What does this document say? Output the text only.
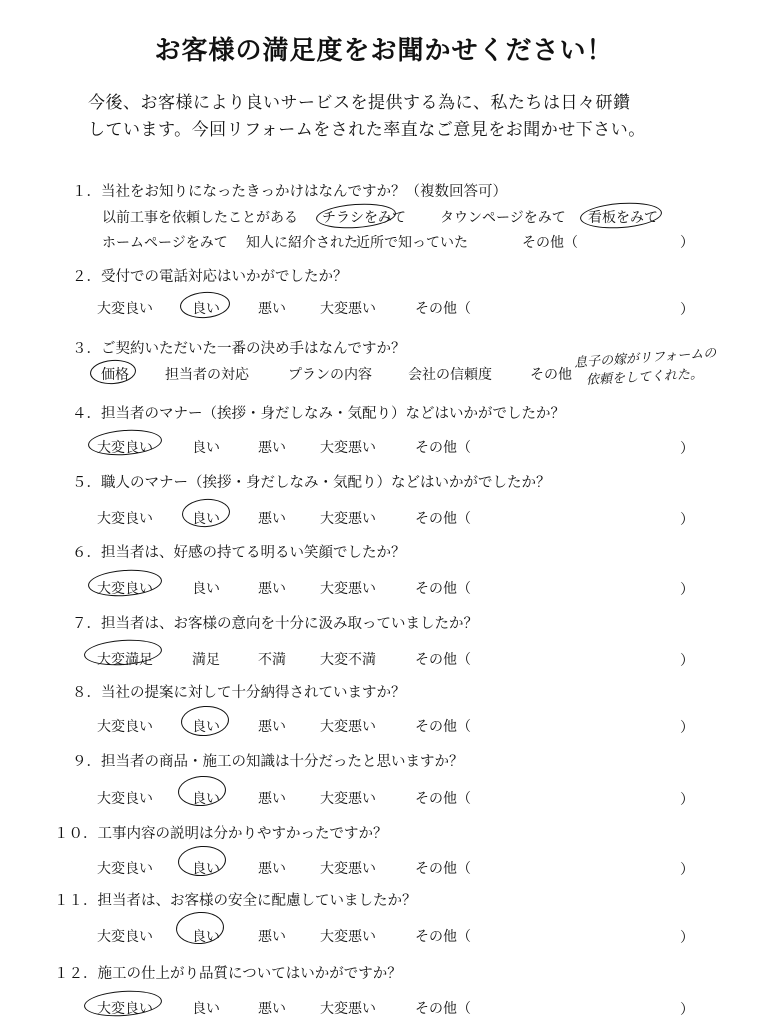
お客様の満足度をお聞かせください！
今後、お客様により良いサービスを提供する為に、私たちは日々研鑽
しています。今回リフォームをされた率直なご意見をお聞かせ下さい。
１．当社をお知りになったきっかけはなんですか？（複数回答可）
以前工事を依頼したことがある チラシをみて タウンページをみて 看板をみて
ホームページをみて 知人に紹介された
近所で知っていた	その他（	）
２．受付での電話対応はいかがでしたか？
大変良い	良い	悪い 大変悪い	その他（	）
３．ご契約いただいた一番の決め手はなんですか？
価格	担当者の対応	プランの内容	会社の信頼度	その他
息子の嫁がリフォームの
依頼をしてくれた。
４．担当者のマナー（挨拶・身だしなみ・気配り）などはいかがでしたか？
大変良い	良い	悪い 大変悪い	その他（	）
５．職人のマナー（挨拶・身だしなみ・気配り）などはいかがでしたか？
大変良い	良い	悪い 大変悪い	その他（	）
６．担当者は、好感の持てる明るい笑顔でしたか？
大変良い	良い	悪い 大変悪い	その他（	）
７．担当者は、お客様の意向を十分に汲み取っていましたか？
大変満足	満足	不満 大変不満	その他（	）
８．当社の提案に対して十分納得されていますか？
大変良い	良い	悪い 大変悪い	その他（	）
９．担当者の商品・施工の知識は十分だったと思いますか？
大変良い	良い	悪い 大変悪い	その他（	）
１０．工事内容の説明は分かりやすかったですか？
大変良い	良い	悪い 大変悪い	その他（	）
１１．担当者は、お客様の安全に配慮していましたか？
大変良い	良い	悪い 大変悪い	その他（	）
１２．施工の仕上がり品質についてはいかがですか？
大変良い	良い	悪い 大変悪い	その他（	）
